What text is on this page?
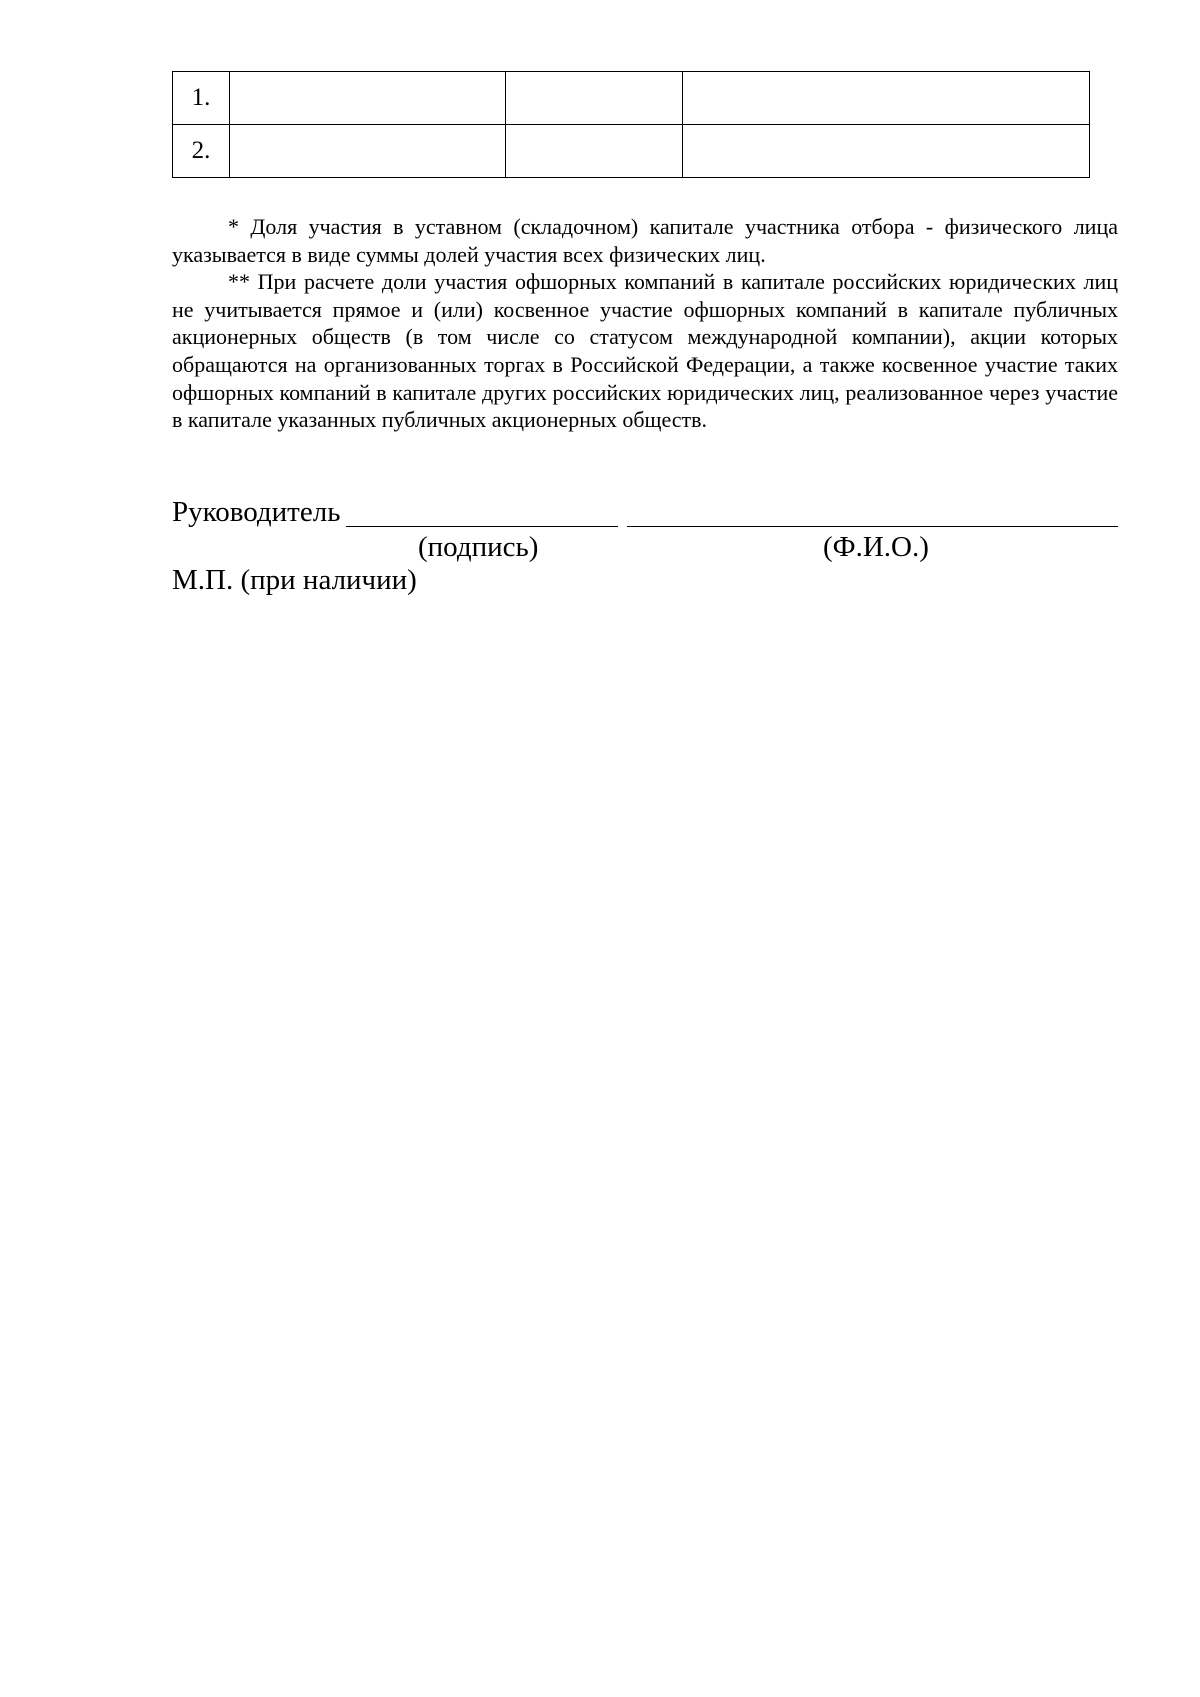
1.			
2.			

* Доля участия в уставном (складочном) капитале участника отбора - физического лица указывается в виде суммы долей участия всех физических лиц.

** При расчете доли участия офшорных компаний в капитале российских юридических лиц не учитывается прямое и (или) косвенное участие офшорных компаний в капитале публичных акционерных обществ (в том числе со статусом международной компании), акции которых обращаются на организованных торгах в Российской Федерации, а также косвенное участие таких офшорных компаний в капитале других российских юридических лиц, реализованное через участие в капитале указанных публичных акционерных обществ.

Руководитель
(подпись)	(Ф.И.О.)
М.П. (при наличии)
